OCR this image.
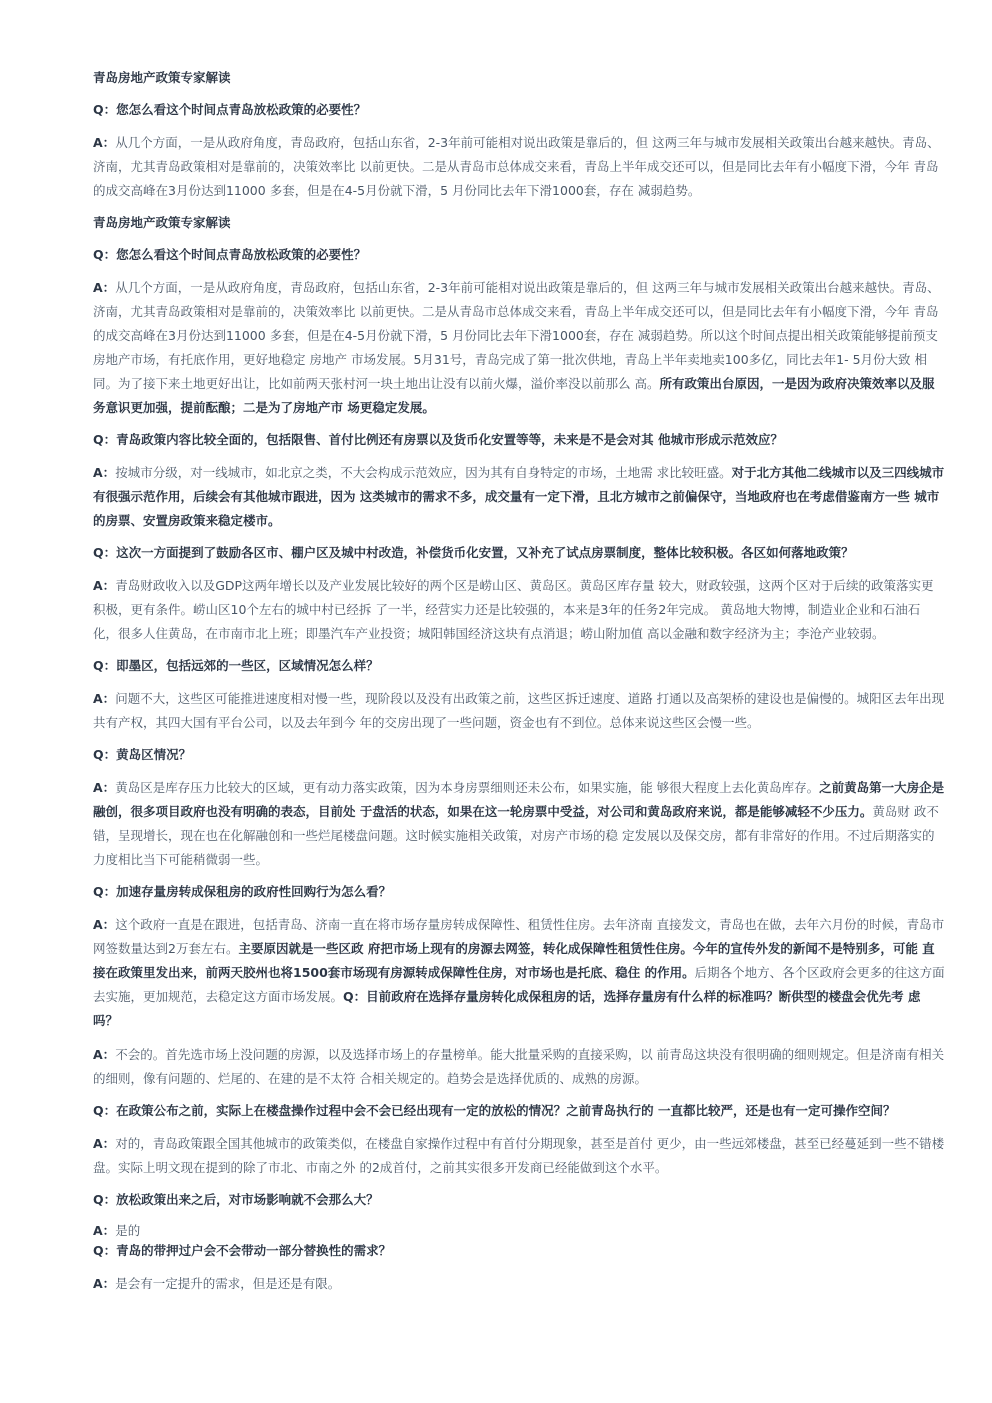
青岛房地产政策专家解读
Q：您怎么看这个时间点青岛放松政策的必要性？
A：从几个方面，一是从政府角度，青岛政府，包括山东省，2-3年前可能相对说出政策是靠后的，但 这两三年与城市发展相关政策出台越来越快。青岛、济南，尤其青岛政策相对是靠前的，决策效率比 以前更快。二是从青岛市总体成交来看，青岛上半年成交还可以，但是同比去年有小幅度下滑，今年 青岛的成交高峰在3月份达到11000 多套，但是在4-5月份就下滑，5 月份同比去年下滑1000套，存在 减弱趋势。
青岛房地产政策专家解读
Q：您怎么看这个时间点青岛放松政策的必要性？
A：从几个方面，一是从政府角度，青岛政府，包括山东省，2-3年前可能相对说出政策是靠后的，但 这两三年与城市发展相关政策出台越来越快。青岛、济南，尤其青岛政策相对是靠前的，决策效率比 以前更快。二是从青岛市总体成交来看，青岛上半年成交还可以，但是同比去年有小幅度下滑，今年 青岛的成交高峰在3月份达到11000 多套，但是在4-5月份就下滑，5 月份同比去年下滑1000套，存在 减弱趋势。所以这个时间点提出相关政策能够提前预支房地产市场，有托底作用，更好地稳定 房地产 市场发展。5月31号，青岛完成了第一批次供地，青岛上半年卖地卖100多亿，同比去年1- 5月份大致 相同。为了接下来土地更好出让，比如前两天张村河一块土地出让没有以前火爆，溢价率没以前那么 高。所有政策出台原因，一是因为政府决策效率以及服务意识更加强，提前酝酿；二是为了房地产市 场更稳定发展。
Q：青岛政策内容比较全面的，包括限售、首付比例还有房票以及货币化安置等等，未来是不是会对其 他城市形成示范效应？
A：按城市分级，对一线城市，如北京之类，不大会构成示范效应，因为其有自身特定的市场，土地需 求比较旺盛。对于北方其他二线城市以及三四线城市有很强示范作用，后续会有其他城市跟进，因为 这类城市的需求不多，成交量有一定下滑，且北方城市之前偏保守，当地政府也在考虑借鉴南方一些 城市的房票、安置房政策来稳定楼市。
Q：这次一方面提到了鼓励各区市、棚户区及城中村改造，补偿货币化安置，又补充了试点房票制度，整体比较积极。各区如何落地政策？
A：青岛财政收入以及GDP这两年增长以及产业发展比较好的两个区是崂山区、黄岛区。黄岛区库存量 较大，财政较强，这两个区对于后续的政策落实更积极，更有条件。崂山区10个左右的城中村已经拆 了一半，经营实力还是比较强的，本来是3年的任务2年完成。 黄岛地大物博，制造业企业和石油石 化，很多人住黄岛，在市南市北上班；即墨汽车产业投资；城阳韩国经济这块有点消退；崂山附加值 高以金融和数字经济为主；李沧产业较弱。
Q：即墨区，包括远郊的一些区，区域情况怎么样？
A：问题不大，这些区可能推进速度相对慢一些，现阶段以及没有出政策之前，这些区拆迁速度、道路 打通以及高架桥的建设也是偏慢的。城阳区去年出现共有产权，其四大国有平台公司，以及去年到今 年的交房出现了一些问题，资金也有不到位。总体来说这些区会慢一些。
Q：黄岛区情况？
A：黄岛区是库存压力比较大的区域，更有动力落实政策，因为本身房票细则还未公布，如果实施，能 够很大程度上去化黄岛库存。之前黄岛第一大房企是融创，很多项目政府也没有明确的表态，目前处 于盘活的状态，如果在这一轮房票中受益，对公司和黄岛政府来说，都是能够减轻不少压力。黄岛财 政不错，呈现增长，现在也在化解融创和一些烂尾楼盘问题。这时候实施相关政策，对房产市场的稳 定发展以及保交房，都有非常好的作用。不过后期落实的力度相比当下可能稍微弱一些。
Q：加速存量房转成保租房的政府性回购行为怎么看？
A：这个政府一直是在跟进，包括青岛、济南一直在将市场存量房转成保障性、租赁性住房。去年济南 直接发文，青岛也在做，去年六月份的时候，青岛市网签数量达到2万套左右。主要原因就是一些区政 府把市场上现有的房源去网签，转化成保障性租赁性住房。今年的宣传外发的新闻不是特别多，可能 直接在政策里发出来，前两天胶州也将1500套市场现有房源转成保障性住房，对市场也是托底、稳住 的作用。后期各个地方、各个区政府会更多的往这方面去实施，更加规范，去稳定这方面市场发展。Q：目前政府在选择存量房转化成保租房的话，选择存量房有什么样的标准吗？断供型的楼盘会优先考 虑吗？
A：不会的。首先选市场上没问题的房源，以及选择市场上的存量榜单。能大批量采购的直接采购，以 前青岛这块没有很明确的细则规定。但是济南有相关的细则，像有问题的、烂尾的、在建的是不太符 合相关规定的。趋势会是选择优质的、成熟的房源。
Q：在政策公布之前，实际上在楼盘操作过程中会不会已经出现有一定的放松的情况？之前青岛执行的 一直都比较严，还是也有一定可操作空间？
A：对的，青岛政策跟全国其他城市的政策类似，在楼盘自家操作过程中有首付分期现象，甚至是首付 更少，由一些远郊楼盘，甚至已经蔓延到一些不错楼盘。实际上明文现在提到的除了市北、市南之外 的2成首付，之前其实很多开发商已经能做到这个水平。
Q：放松政策出来之后，对市场影响就不会那么大？
A：是的
Q：青岛的带押过户会不会带动一部分替换性的需求？
A：是会有一定提升的需求，但是还是有限。
